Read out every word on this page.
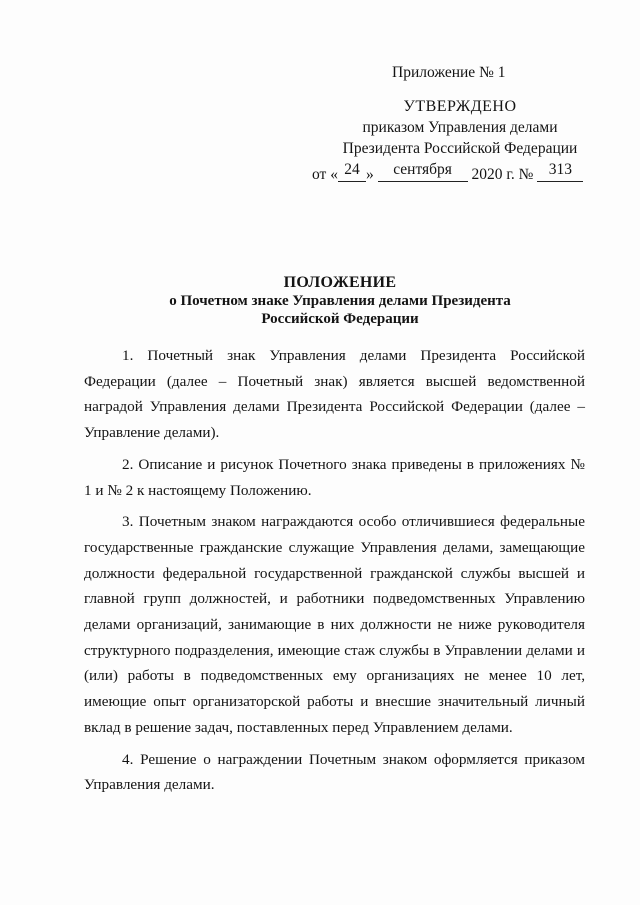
Приложение № 1
УТВЕРЖДЕНО
приказом Управления делами
Президента Российской Федерации
от « 24 » сентября 2020 г. № 313
ПОЛОЖЕНИЕ
о Почетном знаке Управления делами Президента
Российской Федерации

1. Почетный знак Управления делами Президента Российской Федерации (далее – Почетный знак) является высшей ведомственной наградой Управления делами Президента Российской Федерации (далее – Управление делами).

2. Описание и рисунок Почетного знака приведены в приложениях № 1 и № 2 к настоящему Положению.

3. Почетным знаком награждаются особо отличившиеся федеральные государственные гражданские служащие Управления делами, замещающие должности федеральной государственной гражданской службы высшей и главной групп должностей, и работники подведомственных Управлению делами организаций, занимающие в них должности не ниже руководителя структурного подразделения, имеющие стаж службы в Управлении делами и (или) работы в подведомственных ему организациях не менее 10 лет, имеющие опыт организаторской работы и внесшие значительный личный вклад в решение задач, поставленных перед Управлением делами.

4. Решение о награждении Почетным знаком оформляется приказом Управления делами.
